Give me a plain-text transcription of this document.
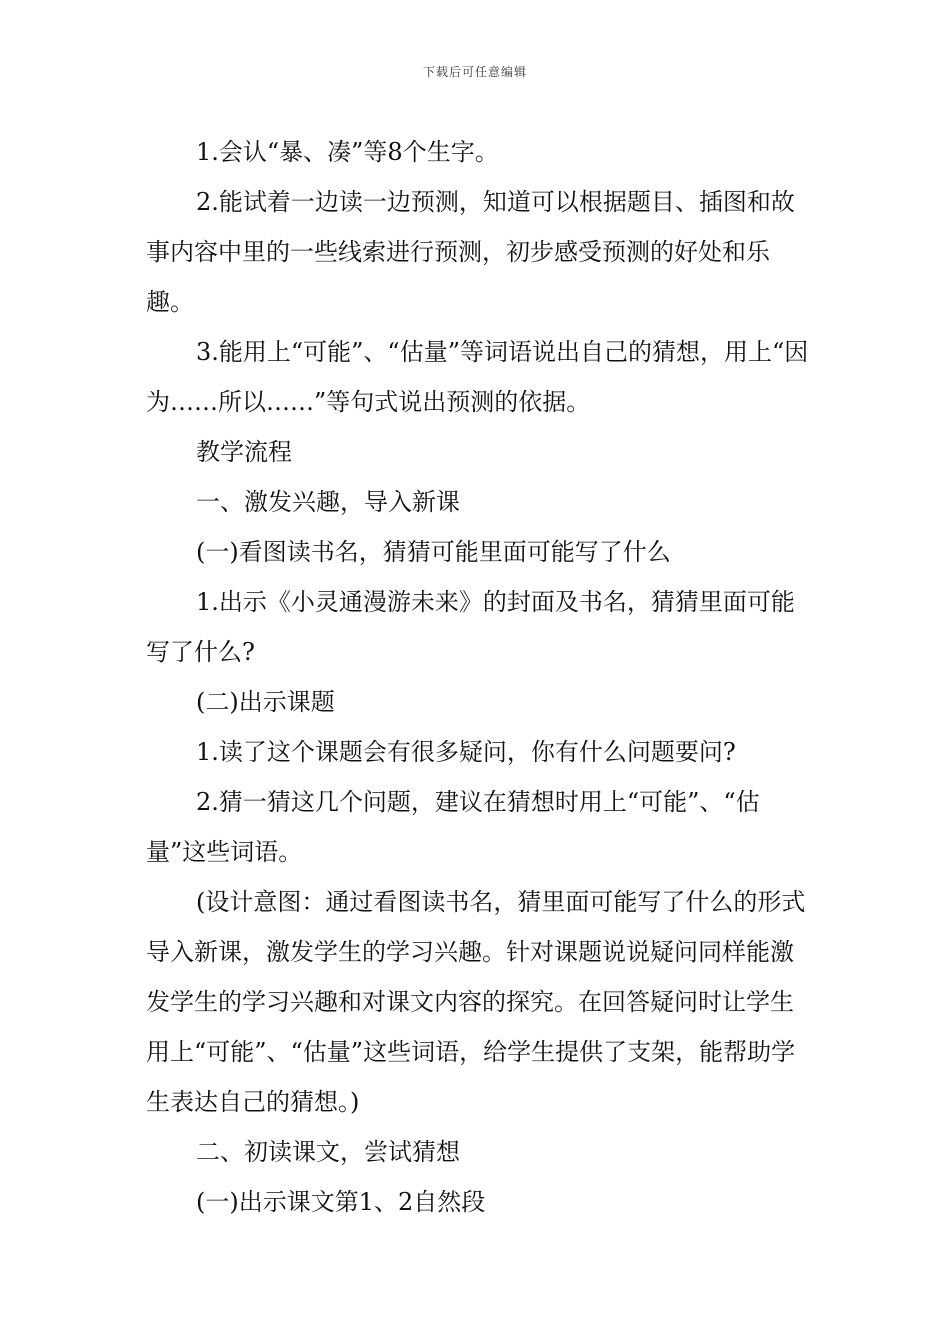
下载后可任意编辑

1.会认“暴、凑”等8个生字。

2.能试着一边读一边预测，知道可以根据题目、插图和故事内容中里的一些线索进行预测，初步感受预测的好处和乐趣。

3.能用上“可能”、“估量”等词语说出自己的猜想，用上“因为……所以……”等句式说出预测的依据。

教学流程

一、激发兴趣，导入新课

(一)看图读书名，猜猜可能里面可能写了什么

1.出示《小灵通漫游未来》的封面及书名，猜猜里面可能写了什么?

(二)出示课题

1.读了这个课题会有很多疑问，你有什么问题要问?

2.猜一猜这几个问题，建议在猜想时用上“可能”、“估量”这些词语。

(设计意图：通过看图读书名，猜里面可能写了什么的形式导入新课，激发学生的学习兴趣。针对课题说说疑问同样能激发学生的学习兴趣和对课文内容的探究。在回答疑问时让学生用上“可能”、“估量”这些词语，给学生提供了支架，能帮助学生表达自己的猜想。)

二、初读课文，尝试猜想

(一)出示课文第1、2自然段
